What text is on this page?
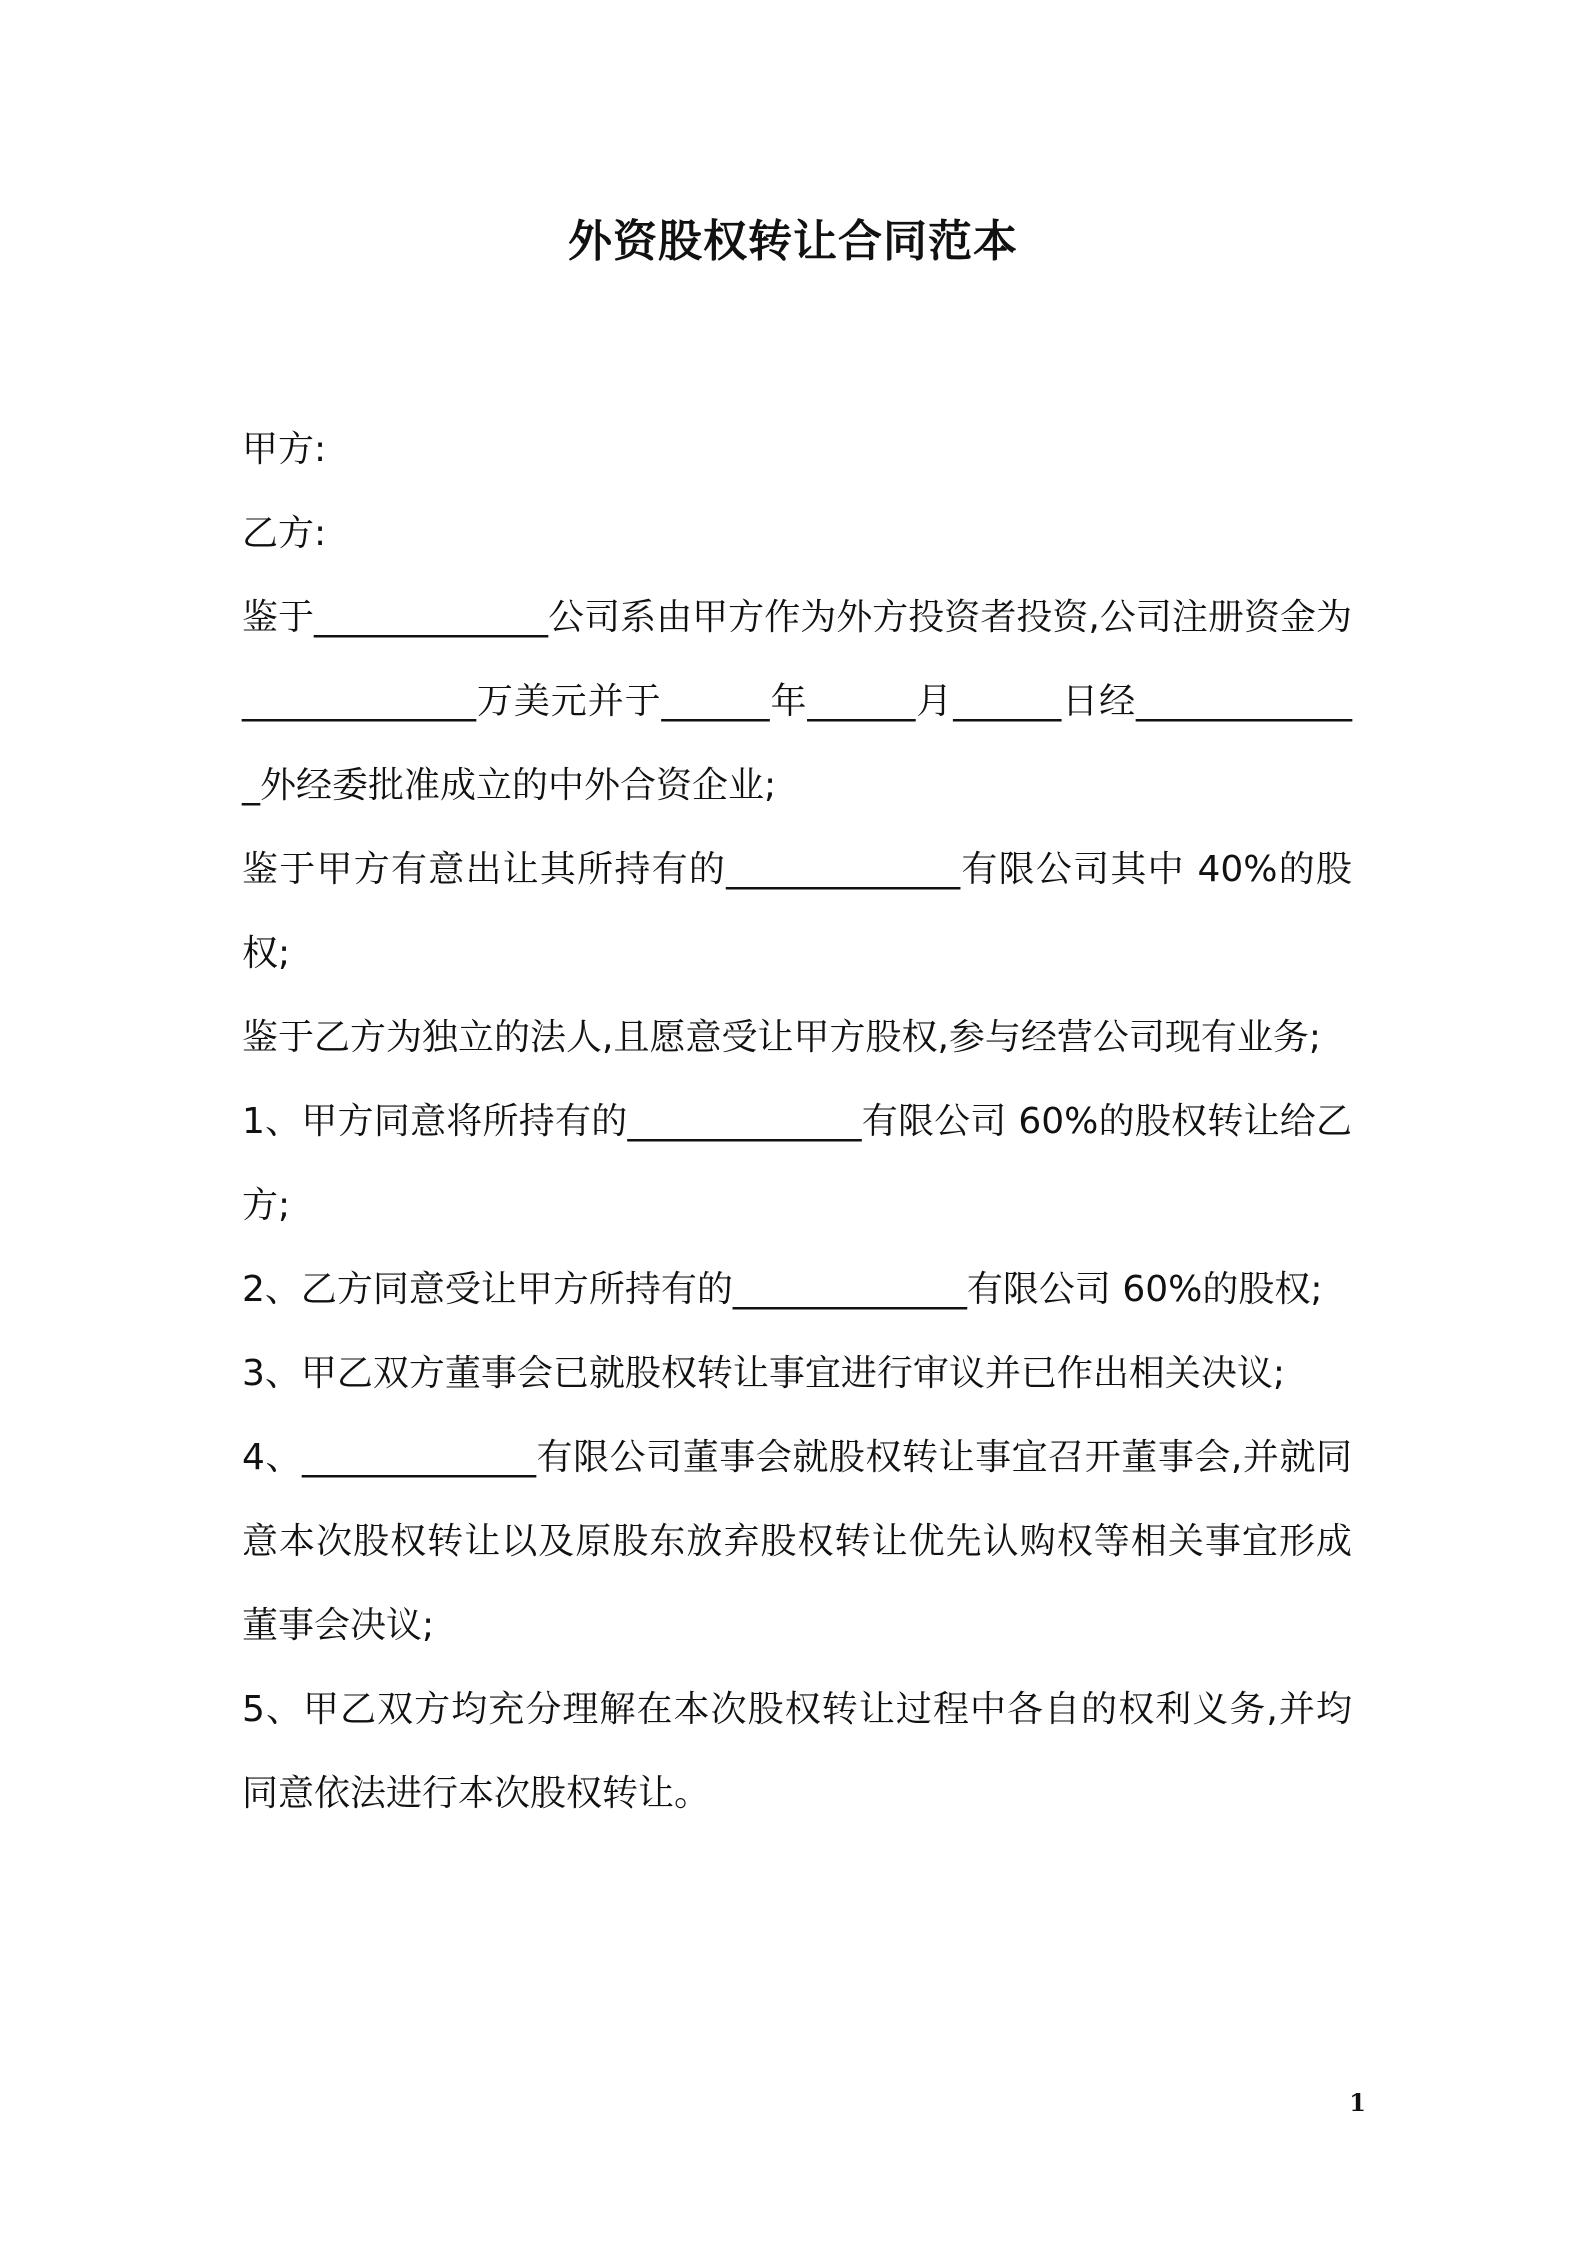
外资股权转让合同范本

甲方:

乙方:

鉴于_____________公司系由甲方作为外方投资者投资,公司注册资金为_____________万美元并于______年______月______日经_____________外经委批准成立的中外合资企业;

鉴于甲方有意出让其所持有的_____________有限公司其中 40%的股权;

鉴于乙方为独立的法人,且愿意受让甲方股权,参与经营公司现有业务;

1、甲方同意将所持有的_____________有限公司 60%的股权转让给乙方;

2、乙方同意受让甲方所持有的_____________有限公司 60%的股权;

3、甲乙双方董事会已就股权转让事宜进行审议并已作出相关决议;

4、_____________有限公司董事会就股权转让事宜召开董事会,并就同意本次股权转让以及原股东放弃股权转让优先认购权等相关事宜形成董事会决议;

5、甲乙双方均充分理解在本次股权转让过程中各自的权利义务,并均同意依法进行本次股权转让。

1
